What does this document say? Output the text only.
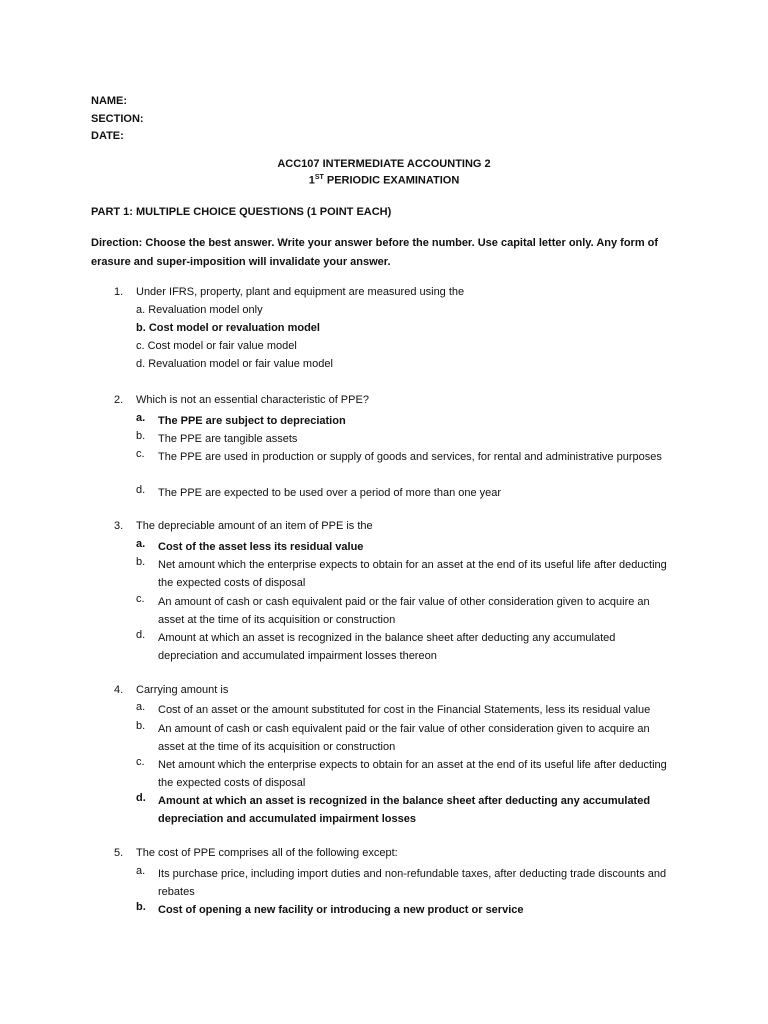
NAME:
SECTION:
DATE:
ACC107 INTERMEDIATE ACCOUNTING 2
1ST PERIODIC EXAMINATION
PART 1: MULTIPLE CHOICE QUESTIONS (1 POINT EACH)
Direction: Choose the best answer. Write your answer before the number. Use capital letter only. Any form of erasure and super-imposition will invalidate your answer.
1.	Under IFRS, property, plant and equipment are measured using the
a. Revaluation model only
b. Cost model or revaluation model
c. Cost model or fair value model
d. Revaluation model or fair value model
2.	Which is not an essential characteristic of PPE?
a. The PPE are subject to depreciation
b. The PPE are tangible assets
c. The PPE are used in production or supply of goods and services, for rental and administrative purposes
d. The PPE are expected to be used over a period of more than one year
3.	The depreciable amount of an item of PPE is the
a. Cost of the asset less its residual value
b. Net amount which the enterprise expects to obtain for an asset at the end of its useful life after deducting the expected costs of disposal
c. An amount of cash or cash equivalent paid or the fair value of other consideration given to acquire an asset at the time of its acquisition or construction
d. Amount at which an asset is recognized in the balance sheet after deducting any accumulated depreciation and accumulated impairment losses thereon
4.	Carrying amount is
a. Cost of an asset or the amount substituted for cost in the Financial Statements, less its residual value
b. An amount of cash or cash equivalent paid or the fair value of other consideration given to acquire an asset at the time of its acquisition or construction
c. Net amount which the enterprise expects to obtain for an asset at the end of its useful life after deducting the expected costs of disposal
d. Amount at which an asset is recognized in the balance sheet after deducting any accumulated depreciation and accumulated impairment losses
5.	The cost of PPE comprises all of the following except:
a. Its purchase price, including import duties and non-refundable taxes, after deducting trade discounts and rebates
b. Cost of opening a new facility or introducing a new product or service
